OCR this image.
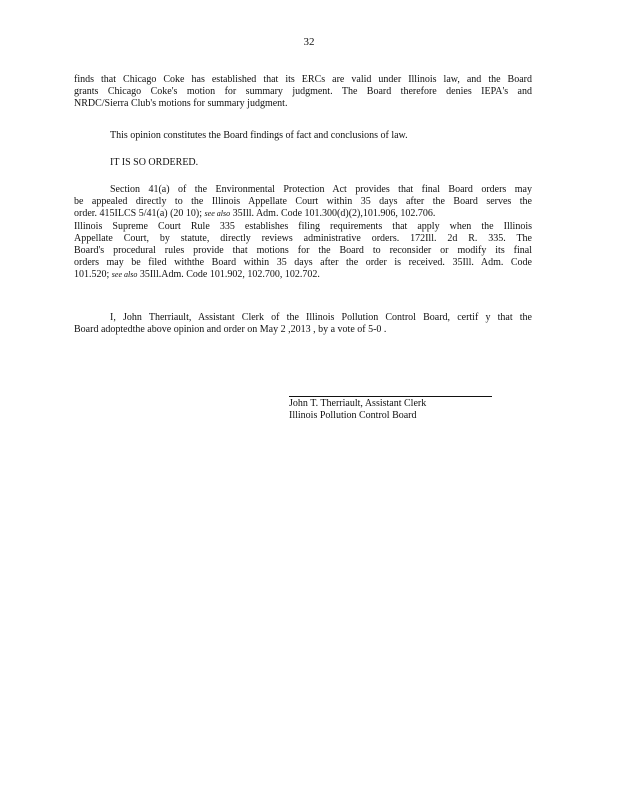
32
finds that Chicago Coke has established that its ERCs are valid under Illinois law, and the Board
grants Chicago Coke's motion for summary judgment. The Board therefore denies IEPA's and
NRDC/Sierra Club's motions for summary judgment.
This opinion constitutes the Board findings of fact and conclusions of law.
IT IS SO ORDERED.
Section 41(a) of the Environmental Protection Act provides that final Board orders may
be appealed directly to the Illinois Appellate Court within 35 days after the Board serves the
order. 415ILCS 5/41(a) (20 10); see also 35Ill. Adm. Code 101.300(d)(2),101.906, 102.706.
Illinois Supreme Court Rule 335 establishes filing requirements that apply when the Illinois
Appellate Court, by statute, directly reviews administrative orders. 172Ill. 2d R. 335. The
Board's procedural rules provide that motions for the Board to reconsider or modify its final
orders may be filed withthe Board within 35 days after the order is received. 35Ill. Adm. Code
101.520; see also 35Ill.Adm. Code 101.902, 102.700, 102.702.
I, John Therriault, Assistant Clerk of the Illinois Pollution Control Board, certif y that the
Board adoptedthe above opinion and order on May 2 ,2013 , by a vote of 5-0 .
John T. Therriault, Assistant Clerk
Illinois Pollution Control Board
